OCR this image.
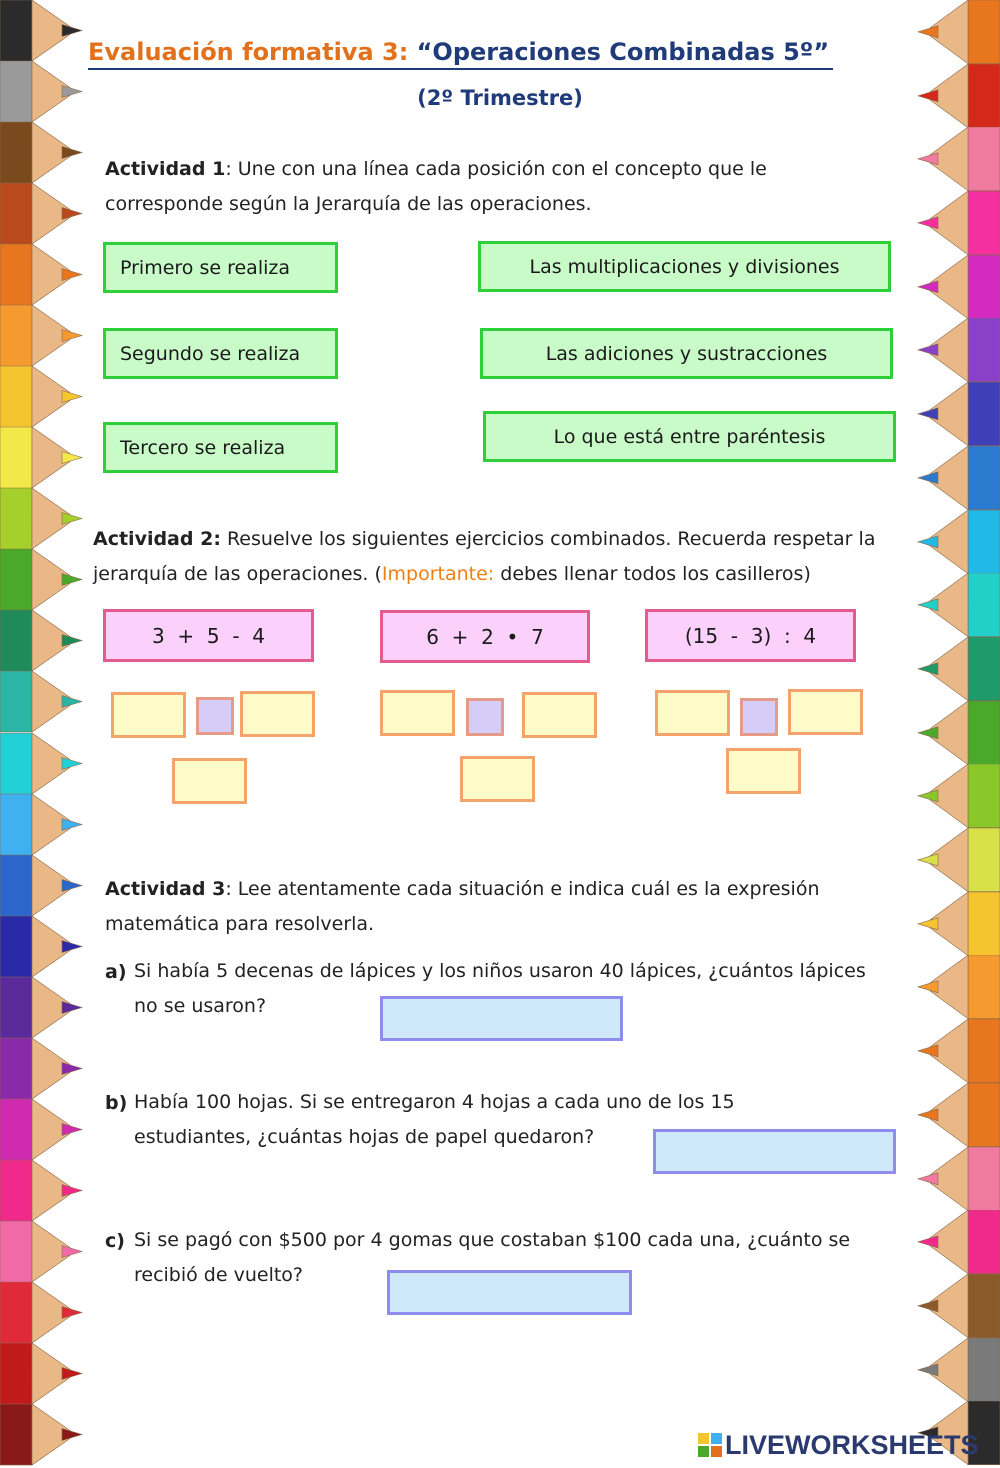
Evaluación formativa 3: “Operaciones Combinadas 5º”
(2º Trimestre)
Actividad 1: Une con una línea cada posición con el concepto que le corresponde según la Jerarquía de las operaciones.
Primero se realiza
Segundo se realiza
Tercero se realiza
Las multiplicaciones y divisiones
Las adiciones y sustracciones
Lo que está entre paréntesis
Actividad 2: Resuelve los siguientes ejercicios combinados. Recuerda respetar la jerarquía de las operaciones. (Importante: debes llenar todos los casilleros)
3  +  5  -  4	6  +  2  •  7	(15  -  3)  :  4
Actividad 3: Lee atentamente cada situación e indica cuál es la expresión matemática para resolverla.
a) Si había 5 decenas de lápices y los niños usaron 40 lápices, ¿cuántos lápices no se usaron?
b) Había 100 hojas. Si se entregaron 4 hojas a cada uno de los 15 estudiantes, ¿cuántas hojas de papel quedaron?
c) Si se pagó con $500 por 4 gomas que costaban $100 cada una, ¿cuánto se recibió de vuelto?
LIVEWORKSHEETS
